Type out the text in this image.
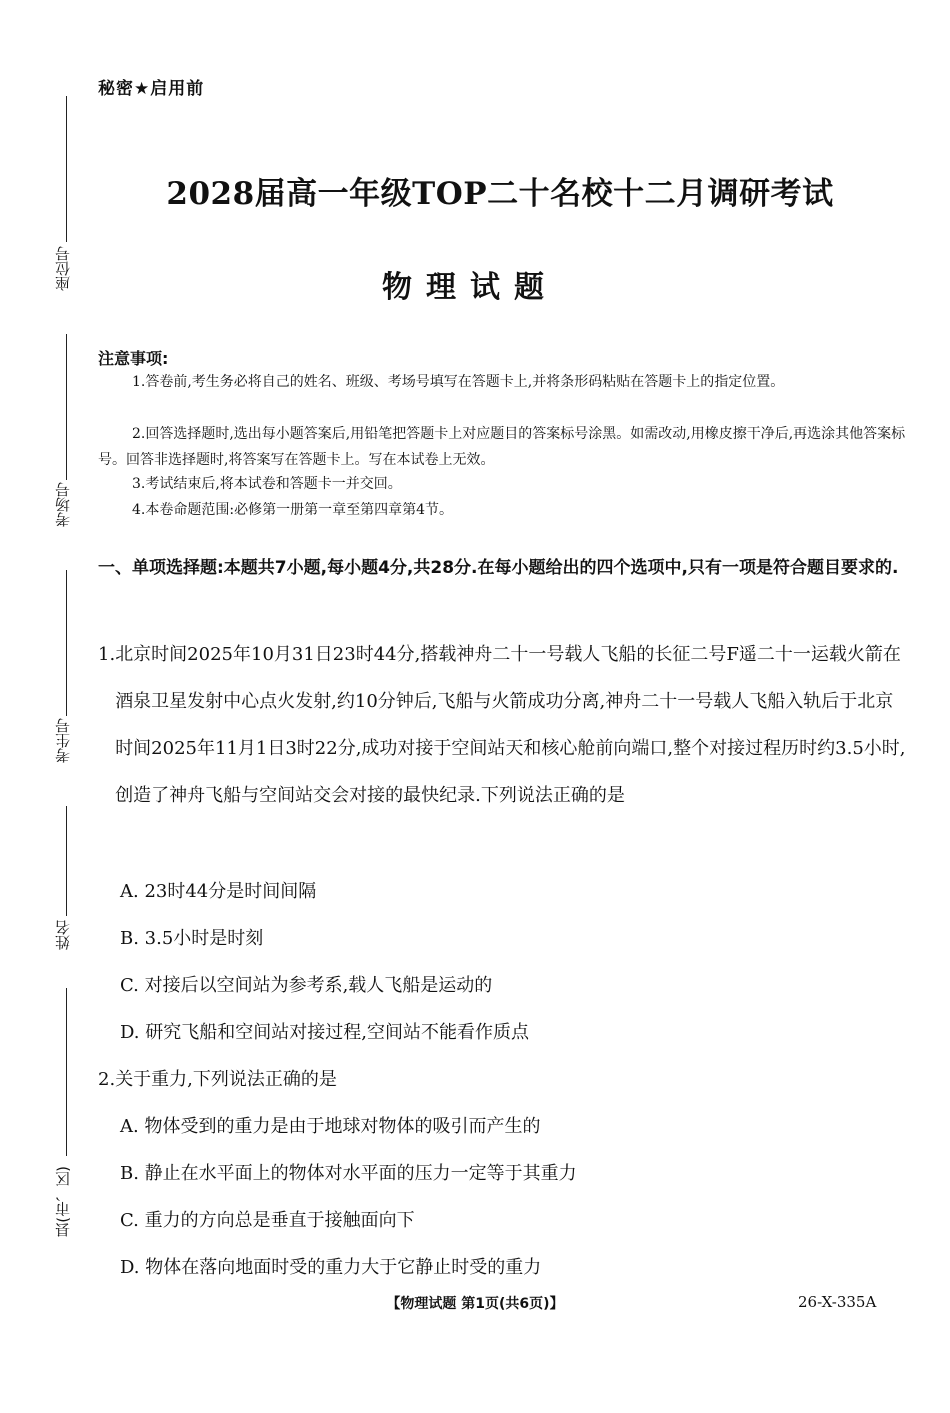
座位号
考场号
考生号
姓名
县(市、区)
秘密★启用前
2028届高一年级TOP二十名校十二月调研考试
物理试题
注意事项:
1.答卷前,考生务必将自己的姓名、班级、考场号填写在答题卡上,并将条形码粘贴在答题卡上的指定位置。
2.回答选择题时,选出每小题答案后,用铅笔把答题卡上对应题目的答案标号涂黑。如需改动,用橡皮擦干净后,再选涂其他答案标号。回答非选择题时,将答案写在答题卡上。写在本试卷上无效。
3.考试结束后,将本试卷和答题卡一并交回。
4.本卷命题范围:必修第一册第一章至第四章第4节。
一、单项选择题:本题共7小题,每小题4分,共28分.在每小题给出的四个选项中,只有一项是符合题目要求的.
1. 北京时间2025年10月31日23时44分,搭载神舟二十一号载人飞船的长征二号F遥二十一运载火箭在酒泉卫星发射中心点火发射,约10分钟后,飞船与火箭成功分离,神舟二十一号载人飞船入轨后于北京时间2025年11月1日3时22分,成功对接于空间站天和核心舱前向端口,整个对接过程历时约3.5小时,创造了神舟飞船与空间站交会对接的最快纪录.下列说法正确的是
A. 23时44分是时间间隔
B. 3.5小时是时刻
C. 对接后以空间站为参考系,载人飞船是运动的
D. 研究飞船和空间站对接过程,空间站不能看作质点
2.关于重力,下列说法正确的是
A. 物体受到的重力是由于地球对物体的吸引而产生的
B. 静止在水平面上的物体对水平面的压力一定等于其重力
C. 重力的方向总是垂直于接触面向下
D. 物体在落向地面时受的重力大于它静止时受的重力
【物理试题 第1页(共6页)】	26-X-335A
